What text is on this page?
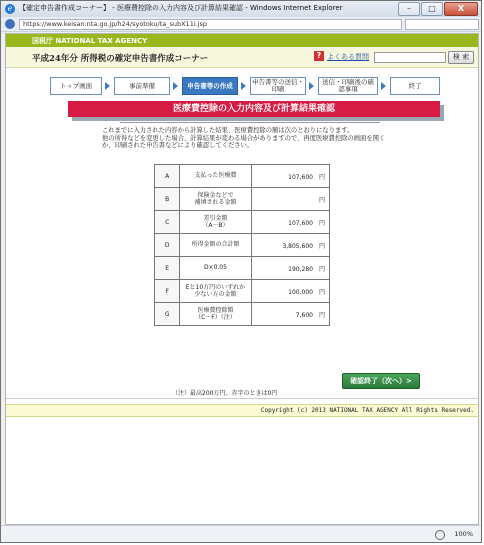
e 【確定申告書作成コーナー】 - 医療費控除の入力内容及び計算結果確認 - Windows Internet Explorer	–	□	X
https://www.keisan.nta.go.jp/h24/syotoku/ta_subX11i.jsp
国税庁 NATIONAL TAX AGENCY
平成24年分 所得税の確定申告書作成コーナー	? よくある質問	検 索
トップ画面	事前準備	申告書等の作成	申告書等の送信・印刷
送信・印刷後の確認事項	終了
医療費控除の入力内容及び計算結果確認
これまでに入力された内容から計算した結果、医療費控除の額は次のとおりになります。
他の所得などを変更した場合、計算結果が変わる場合がありますので、再度医療費控除の画面を開く
か、印刷された申告書などにより確認してください。
A	支払った医療費	107,600 円
B	保険金などで
補填される金額	円
C	差引金額
（A－B）	107,600 円
D	所得金額の合計額	3,805,600 円
E	D×0.05	190,280 円
F	Eと10万円のいずれか
少ない方の金額	100,000 円
G	医療費控除額
（C－F）（注）	7,600 円
（注）最高200万円、赤字のときは0円
確認終了（次へ）>
Copyright (c) 2013 NATIONAL TAX AGENCY All Rights Reserved.
100%
